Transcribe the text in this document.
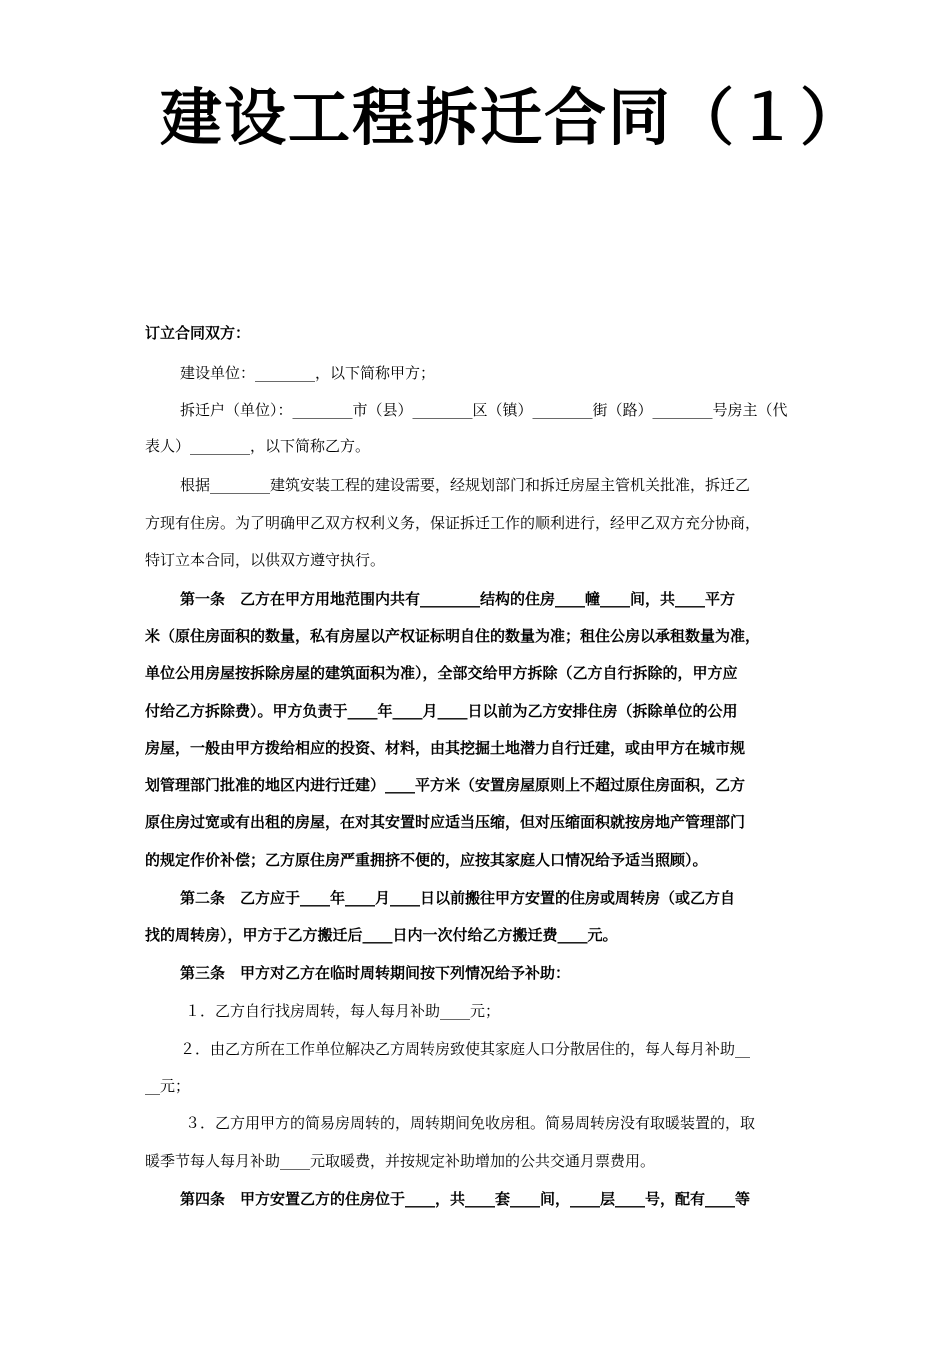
建设工程拆迁合同（１）
订立合同双方：
建设单位：________，以下简称甲方；
拆迁户（单位）：________市（县）________区（镇）________街（路）________号房主（代
表人）________，以下简称乙方。
根据________建筑安装工程的建设需要，经规划部门和拆迁房屋主管机关批准，拆迁乙
方现有住房。为了明确甲乙双方权利义务，保证拆迁工作的顺利进行，经甲乙双方充分协商，
特订立本合同，以供双方遵守执行。
第一条　乙方在甲方用地范围内共有________结构的住房____幢____间，共____平方
米（原住房面积的数量，私有房屋以产权证标明自住的数量为准；租住公房以承租数量为准，
单位公用房屋按拆除房屋的建筑面积为准），全部交给甲方拆除（乙方自行拆除的，甲方应
付给乙方拆除费）。甲方负责于____年____月____日以前为乙方安排住房（拆除单位的公用
房屋，一般由甲方拨给相应的投资、材料，由其挖掘土地潜力自行迁建，或由甲方在城市规
划管理部门批准的地区内进行迁建）____平方米（安置房屋原则上不超过原住房面积，乙方
原住房过宽或有出租的房屋，在对其安置时应适当压缩，但对压缩面积就按房地产管理部门
的规定作价补偿；乙方原住房严重拥挤不便的，应按其家庭人口情况给予适当照顾）。
第二条　乙方应于____年____月____日以前搬往甲方安置的住房或周转房（或乙方自
找的周转房），甲方于乙方搬迁后____日内一次付给乙方搬迁费____元。
第三条　甲方对乙方在临时周转期间按下列情况给予补助：
１．乙方自行找房周转，每人每月补助____元；
２．由乙方所在工作单位解决乙方周转房致使其家庭人口分散居住的，每人每月补助__
__元；
３．乙方用甲方的简易房周转的，周转期间免收房租。简易周转房没有取暖装置的，取
暖季节每人每月补助____元取暖费，并按规定补助增加的公共交通月票费用。
第四条　甲方安置乙方的住房位于____，共____套____间，____层____号，配有____等
